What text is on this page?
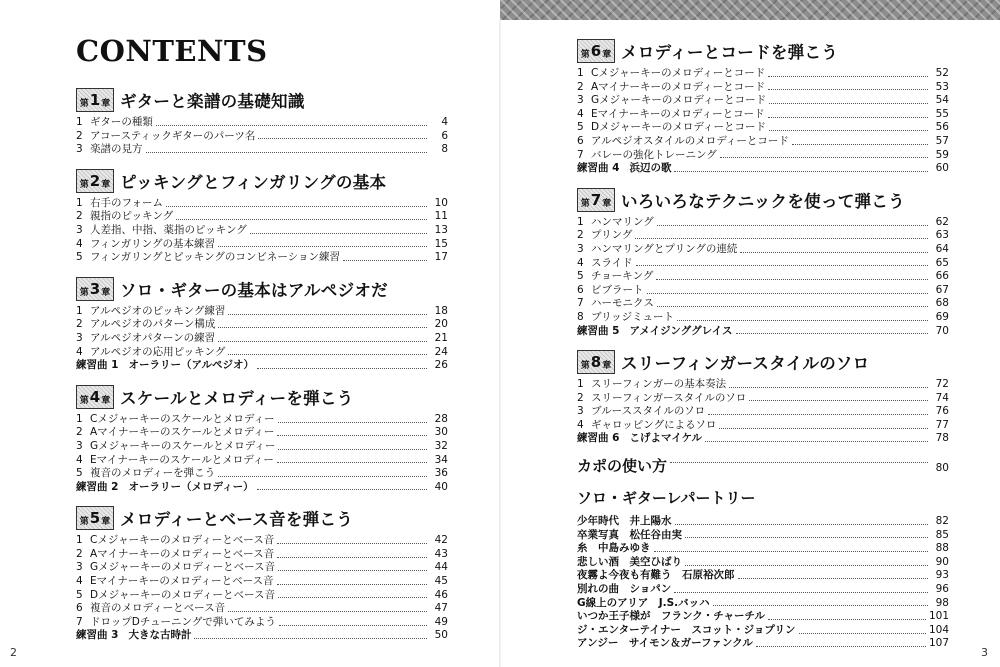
CONTENTS
第 1 章 ギターと楽譜の基礎知識
1 ギターの種類	4
2 アコースティックギターのパーツ名	6
3 楽譜の見方	8
第 2 章 ピッキングとフィンガリングの基本
1 右手のフォーム	10
2 親指のピッキング	11
3 人差指、中指、薬指のピッキング	13
4 フィンガリングの基本練習	15
5 フィンガリングとピッキングのコンビネーション練習	17
第 3 章 ソロ・ギターの基本はアルペジオだ
1 アルペジオのピッキング練習	18
2 アルペジオのパターン構成	20
3 アルペジオパターンの練習	21
4 アルペジオの応用ピッキング	24
練習曲 1 オーラリー（アルペジオ）	26
第 4 章 スケールとメロディーを弾こう
1 Cメジャーキーのスケールとメロディー	28
2 Aマイナーキーのスケールとメロディー	30
3 Gメジャーキーのスケールとメロディー	32
4 Eマイナーキーのスケールとメロディー	34
5 複音のメロディーを弾こう	36
練習曲 2 オーラリー（メロディー）	40
第 5 章 メロディーとベース音を弾こう
1 Cメジャーキーのメロディーとベース音	42
2 Aマイナーキーのメロディーとベース音	43
3 Gメジャーキーのメロディーとベース音	44
4 Eマイナーキーのメロディーとベース音	45
5 Dメジャーキーのメロディーとベース音	46
6 複音のメロディーとベース音	47
7 ドロップDチューニングで弾いてみよう	49
練習曲 3 大きな古時計	50
第 6 章 メロディーとコードを弾こう
1 Cメジャーキーのメロディーとコード	52
2 Aマイナーキーのメロディーとコード	53
3 Gメジャーキーのメロディーとコード	54
4 Eマイナーキーのメロディーとコード	55
5 Dメジャーキーのメロディーとコード	56
6 アルペジオスタイルのメロディーとコード	57
7 バレーの強化トレーニング	59
練習曲 4 浜辺の歌	60
第 7 章 いろいろなテクニックを使って弾こう
1 ハンマリング	62
2 プリング	63
3 ハンマリングとプリングの連続	64
4 スライド	65
5 チョーキング	66
6 ビブラート	67
7 ハーモニクス	68
8 ブリッジミュート	69
練習曲 5 アメイジンググレイス	70
第 8 章 スリーフィンガースタイルのソロ
1 スリーフィンガーの基本奏法	72
2 スリーフィンガースタイルのソロ	74
3 ブルーススタイルのソロ	76
4 ギャロッピングによるソロ	77
練習曲 6 こげよマイケル	78
カポの使い方	80
ソロ・ギターレパートリー
少年時代　井上陽水	82
卒業写真　松任谷由実	85
糸　中島みゆき	88
悲しい酒　美空ひばり	90
夜霧よ今夜も有難う　石原裕次郎	93
別れの曲　ショパン	96
G線上のアリア　J.S.バッハ	98
いつか王子様が　フランク・チャーチル	101
ジ・エンターテイナー　スコット・ジョプリン	104
アンジー　サイモン＆ガーファンクル	107
2	3
